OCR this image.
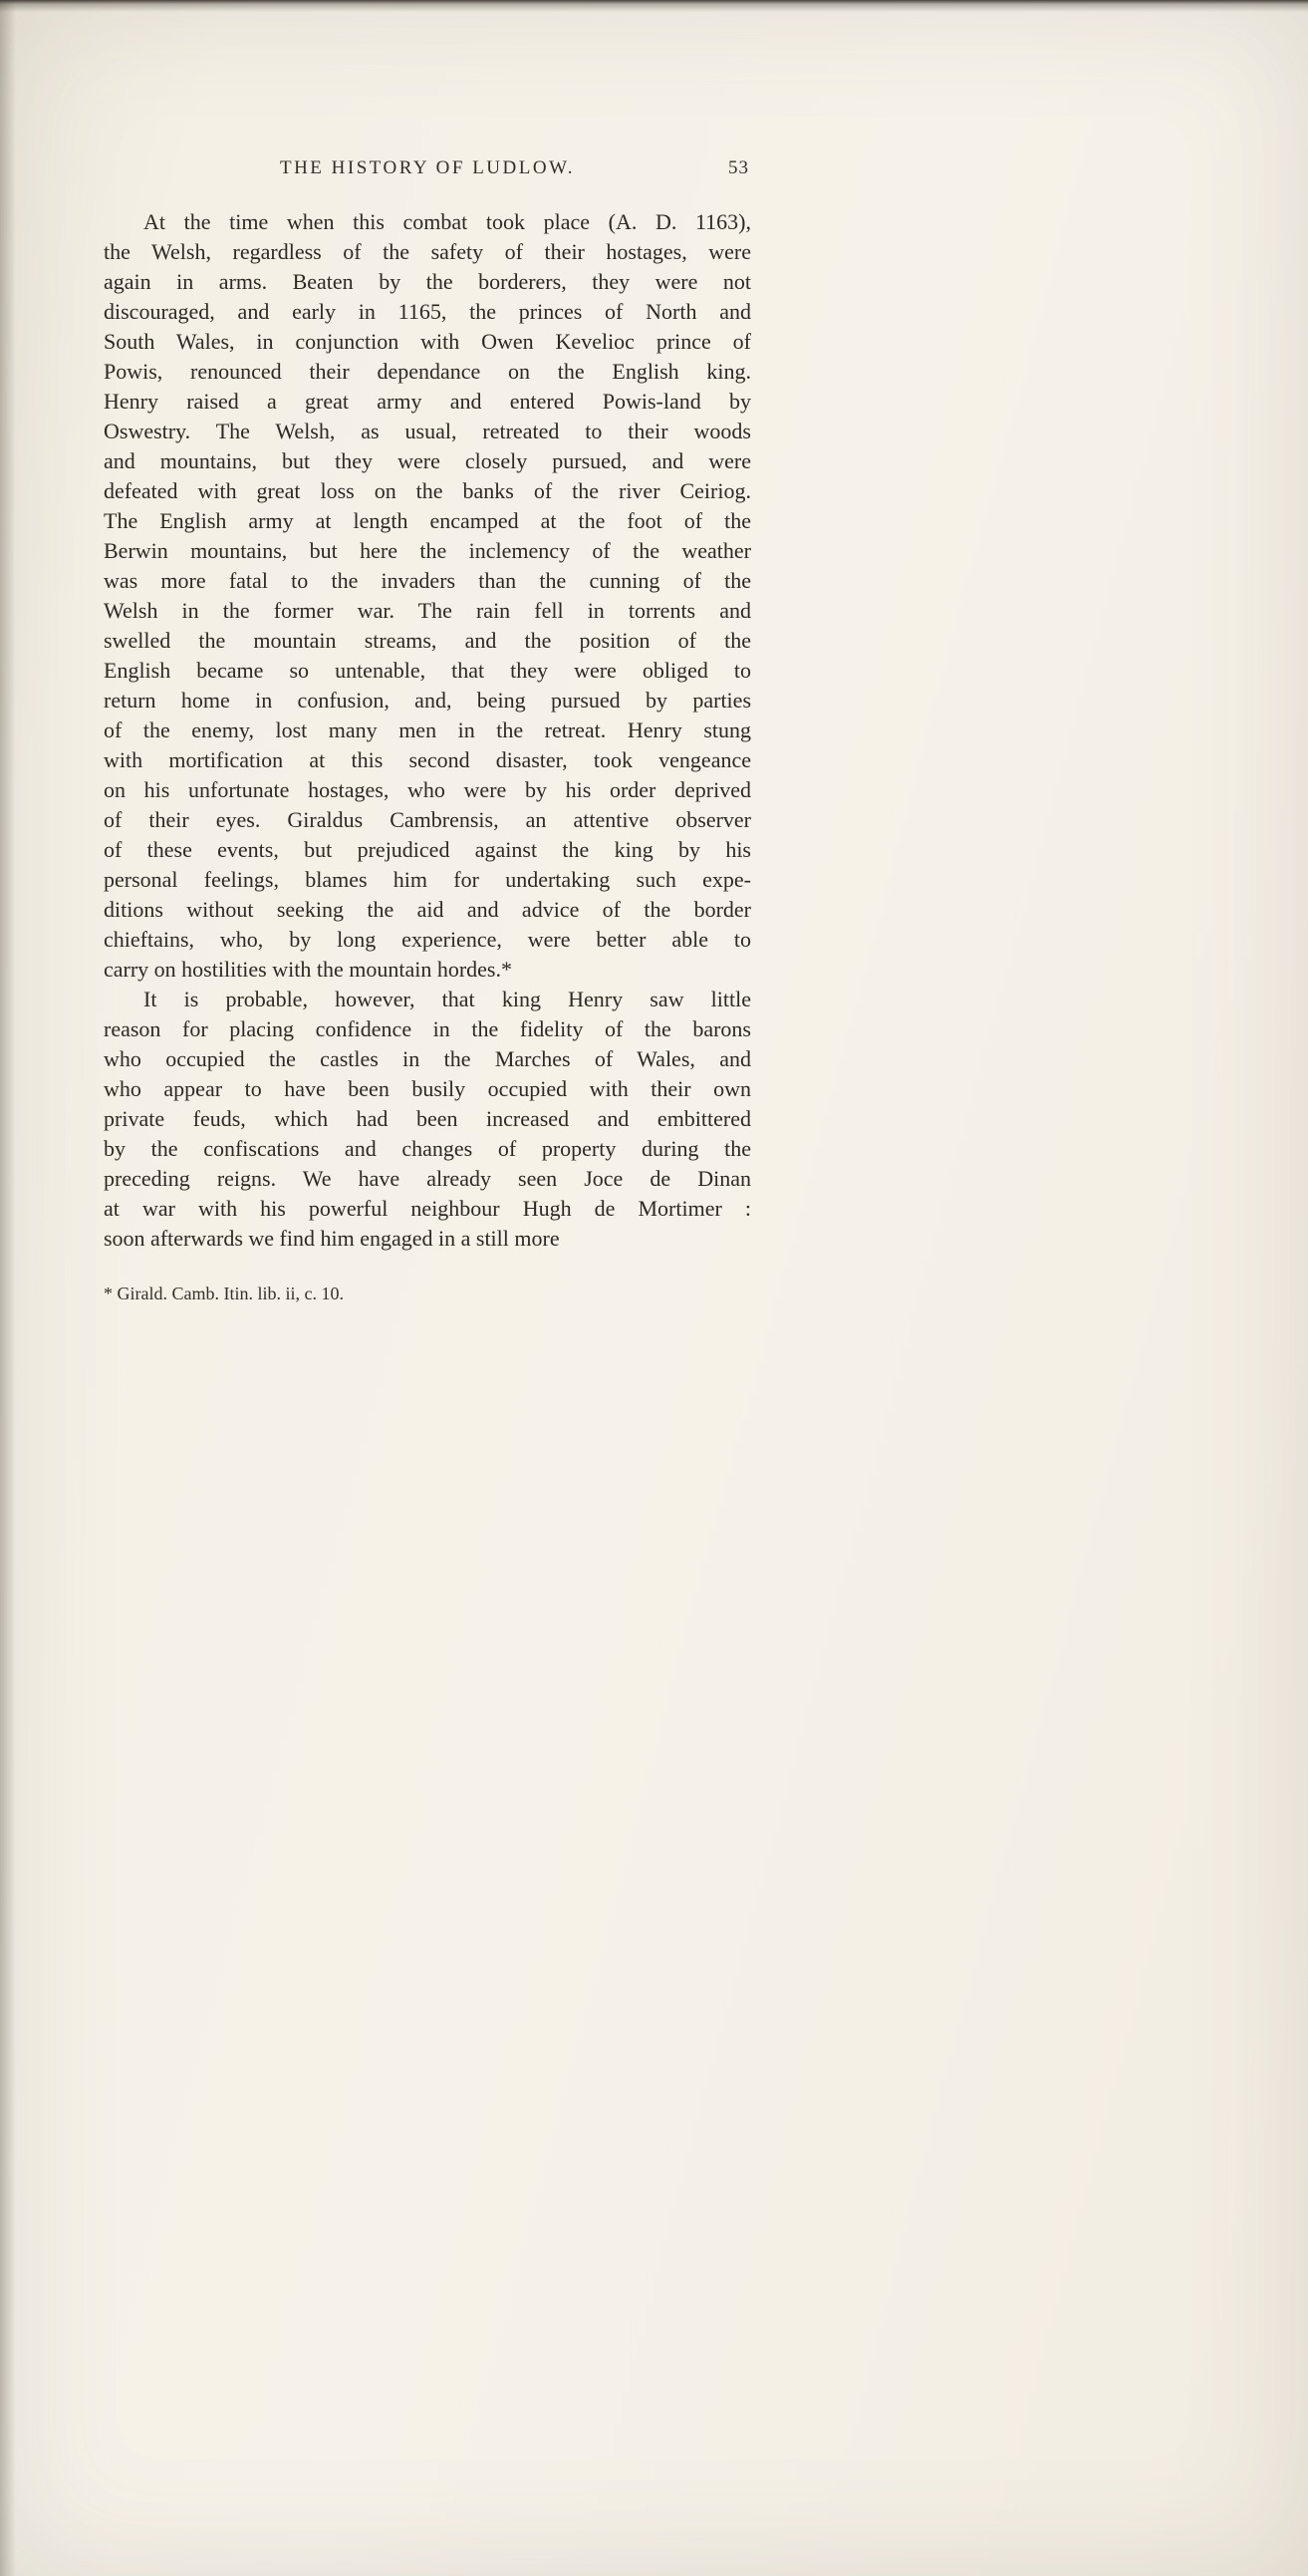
THE HISTORY OF LUDLOW.	53
At the time when this combat took place (A. D. 1163),
the Welsh, regardless of the safety of their hostages, were
again in arms. Beaten by the borderers, they were not
discouraged, and early in 1165, the princes of North and
South Wales, in conjunction with Owen Kevelioc prince of
Powis, renounced their dependance on the English king.
Henry raised a great army and entered Powis-land by
Oswestry. The Welsh, as usual, retreated to their woods
and mountains, but they were closely pursued, and were
defeated with great loss on the banks of the river Ceiriog.
The English army at length encamped at the foot of the
Berwin mountains, but here the inclemency of the weather
was more fatal to the invaders than the cunning of the
Welsh in the former war. The rain fell in torrents and
swelled the mountain streams, and the position of the
English became so untenable, that they were obliged to
return home in confusion, and, being pursued by parties
of the enemy, lost many men in the retreat. Henry stung
with mortification at this second disaster, took vengeance
on his unfortunate hostages, who were by his order deprived
of their eyes. Giraldus Cambrensis, an attentive observer
of these events, but prejudiced against the king by his
personal feelings, blames him for undertaking such expe-
ditions without seeking the aid and advice of the border
chieftains, who, by long experience, were better able to
carry on hostilities with the mountain hordes.*
It is probable, however, that king Henry saw little
reason for placing confidence in the fidelity of the barons
who occupied the castles in the Marches of Wales, and
who appear to have been busily occupied with their own
private feuds, which had been increased and embittered
by the confiscations and changes of property during the
preceding reigns. We have already seen Joce de Dinan
at war with his powerful neighbour Hugh de Mortimer :
soon afterwards we find him engaged in a still more
* Girald. Camb. Itin. lib. ii, c. 10.
